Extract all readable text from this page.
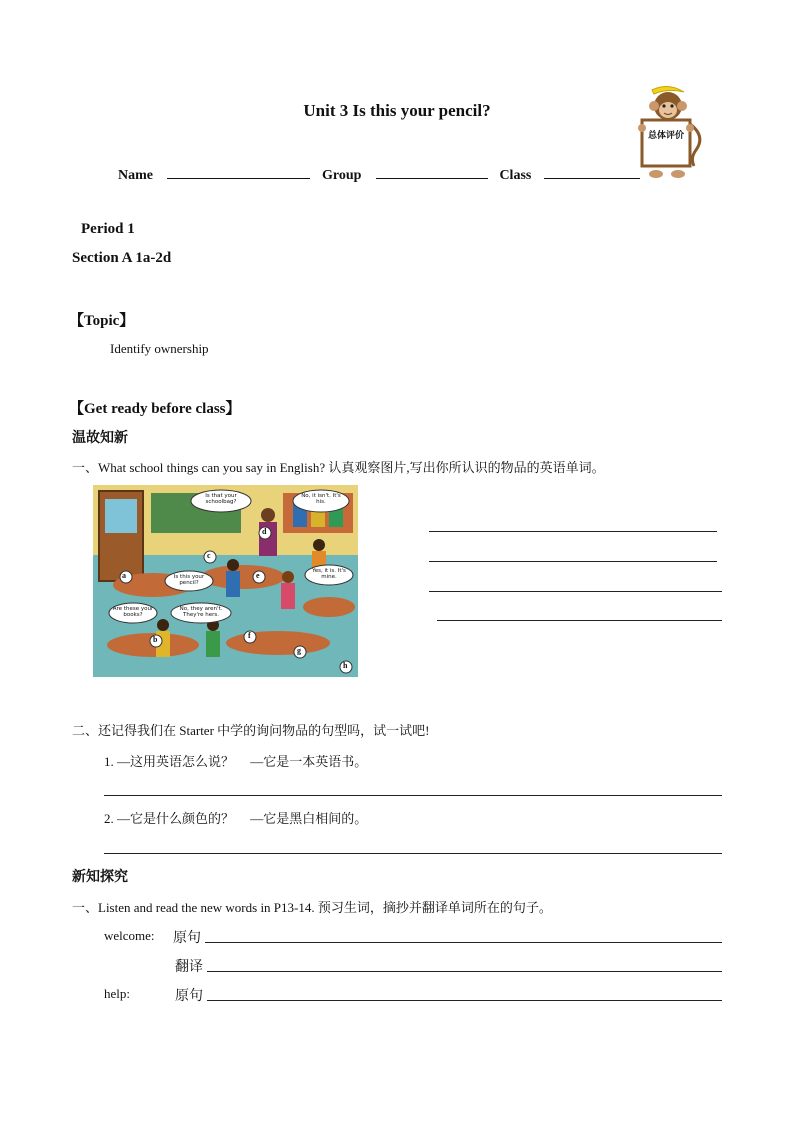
Unit 3 Is this your pencil?
总体评价
Name	Group	Class
Period 1
Section A 1a-2d
【Topic】
Identify ownership
【Get ready before class】
温故知新
一、What school things can you say in English? 认真观察图片,写出你所认识的物品的英语单词。
Is that your schoolbag?
No, it isn't. It's his.
Is this your pencil?
Yes, it is. It's mine.
Are these your books?
No, they aren't. They're hers.
a
b
c
d
e
f
g
h
二、还记得我们在 Starter 中学的询问物品的句型吗，试一试吧!
1. —这用英语怎么说？     —它是一本英语书。
2. —它是什么颜色的？     —它是黑白相间的。
新知探究
一、Listen and read the new words in P13-14. 预习生词，摘抄并翻译单词所在的句子。
welcome: 原句
翻译
help:	原句
